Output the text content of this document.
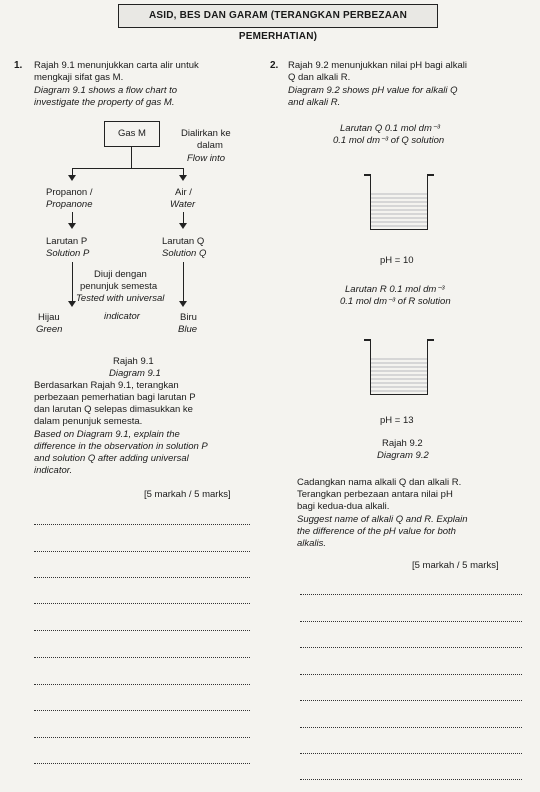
ASID, BES DAN GARAM (TERANGKAN PERBEZAAN PEMERHATIAN)
1. Rajah 9.1 menunjukkan carta alir untuk
mengkaji sifat gas M.
Diagram 9.1 shows a flow chart to
investigate the property of gas M.
Gas M	Dialirkan ke
dalam
Flow into
Propanon /
Propanone
Air /
Water
Larutan P
Solution P
Larutan Q
Solution Q
Diuji dengan
penunjuk semesta
Tested with universal
indicator
Hijau
Green
Biru
Blue
Rajah 9.1
Diagram 9.1
Berdasarkan Rajah 9.1, terangkan
perbezaan pemerhatian bagi larutan P
dan larutan Q selepas dimasukkan ke
dalam penunjuk semesta.
Based on Diagram 9.1, explain the
difference in the observation in solution P
and solution Q after adding universal
indicator.
[5 markah / 5 marks]
2. Rajah 9.2 menunjukkan nilai pH bagi alkali
Q dan alkali R.
Diagram 9.2 shows pH value for alkali Q
and alkali R.
Larutan Q 0.1 mol dm⁻³
0.1 mol dm⁻³ of Q solution
pH = 10
Larutan R 0.1 mol dm⁻³
0.1 mol dm⁻³ of R solution
pH = 13
Rajah 9.2
Diagram 9.2
Cadangkan nama alkali Q dan alkali R.
Terangkan perbezaan antara nilai pH
bagi kedua-dua alkali.
Suggest name of alkali Q and R. Explain
the difference of the pH value for both
alkalis.
[5 markah / 5 marks]
